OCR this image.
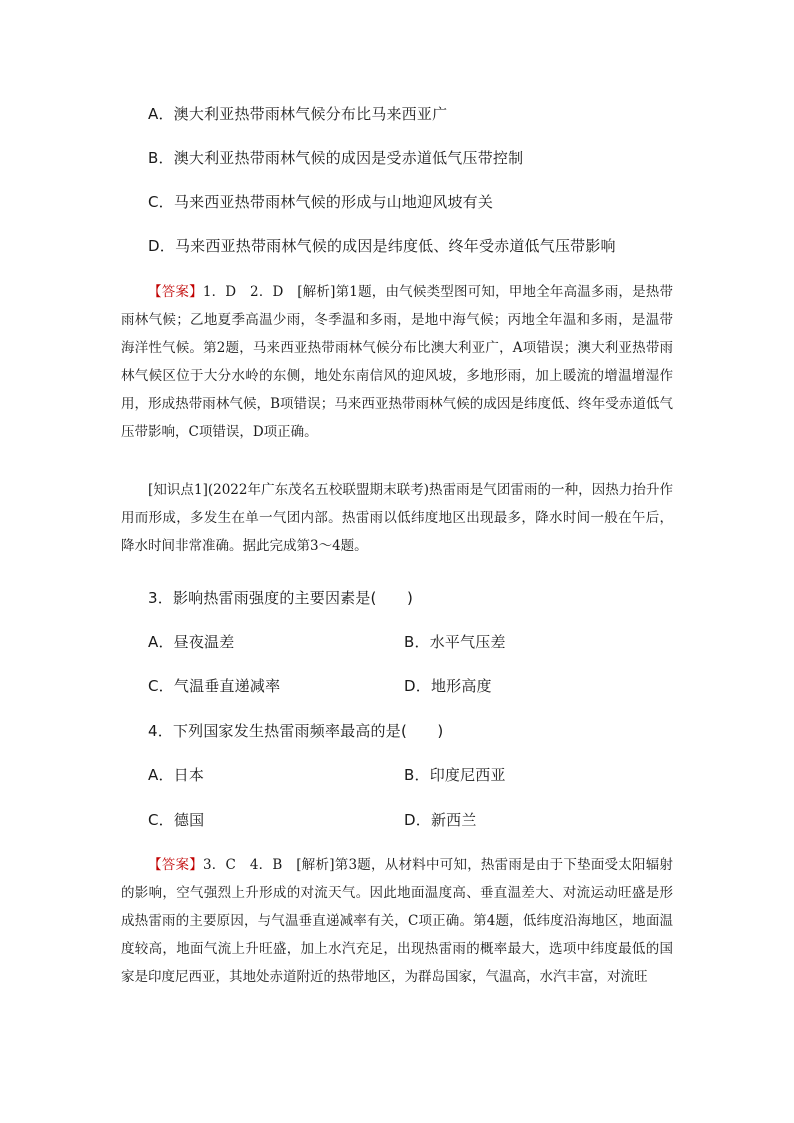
A．澳大利亚热带雨林气候分布比马来西亚广
B．澳大利亚热带雨林气候的成因是受赤道低气压带控制
C．马来西亚热带雨林气候的形成与山地迎风坡有关
D．马来西亚热带雨林气候的成因是纬度低、终年受赤道低气压带影响
【答案】1．D　2．D　[解析]第1题，由气候类型图可知，甲地全年高温多雨，是热带雨林气候；乙地夏季高温少雨，冬季温和多雨，是地中海气候；丙地全年温和多雨，是温带海洋性气候。第2题，马来西亚热带雨林气候分布比澳大利亚广，A项错误；澳大利亚热带雨林气候区位于大分水岭的东侧，地处东南信风的迎风坡，多地形雨，加上暖流的增温增湿作用，形成热带雨林气候，B项错误；马来西亚热带雨林气候的成因是纬度低、终年受赤道低气压带影响，C项错误，D项正确。
[知识点1](2022年广东茂名五校联盟期末联考)热雷雨是气团雷雨的一种，因热力抬升作用而形成，多发生在单一气团内部。热雷雨以低纬度地区出现最多，降水时间一般在午后，降水时间非常准确。据此完成第3～4题。
3．影响热雷雨强度的主要因素是(　　)
A．昼夜温差	B．水平气压差
C．气温垂直递减率	D．地形高度
4．下列国家发生热雷雨频率最高的是(　　)
A．日本	B．印度尼西亚
C．德国	D．新西兰
【答案】3．C　4．B　[解析]第3题，从材料中可知，热雷雨是由于下垫面受太阳辐射的影响，空气强烈上升形成的对流天气。因此地面温度高、垂直温差大、对流运动旺盛是形成热雷雨的主要原因，与气温垂直递减率有关，C项正确。第4题，低纬度沿海地区，地面温度较高，地面气流上升旺盛，加上水汽充足，出现热雷雨的概率最大，选项中纬度最低的国家是印度尼西亚，其地处赤道附近的热带地区，为群岛国家，气温高，水汽丰富，对流旺
